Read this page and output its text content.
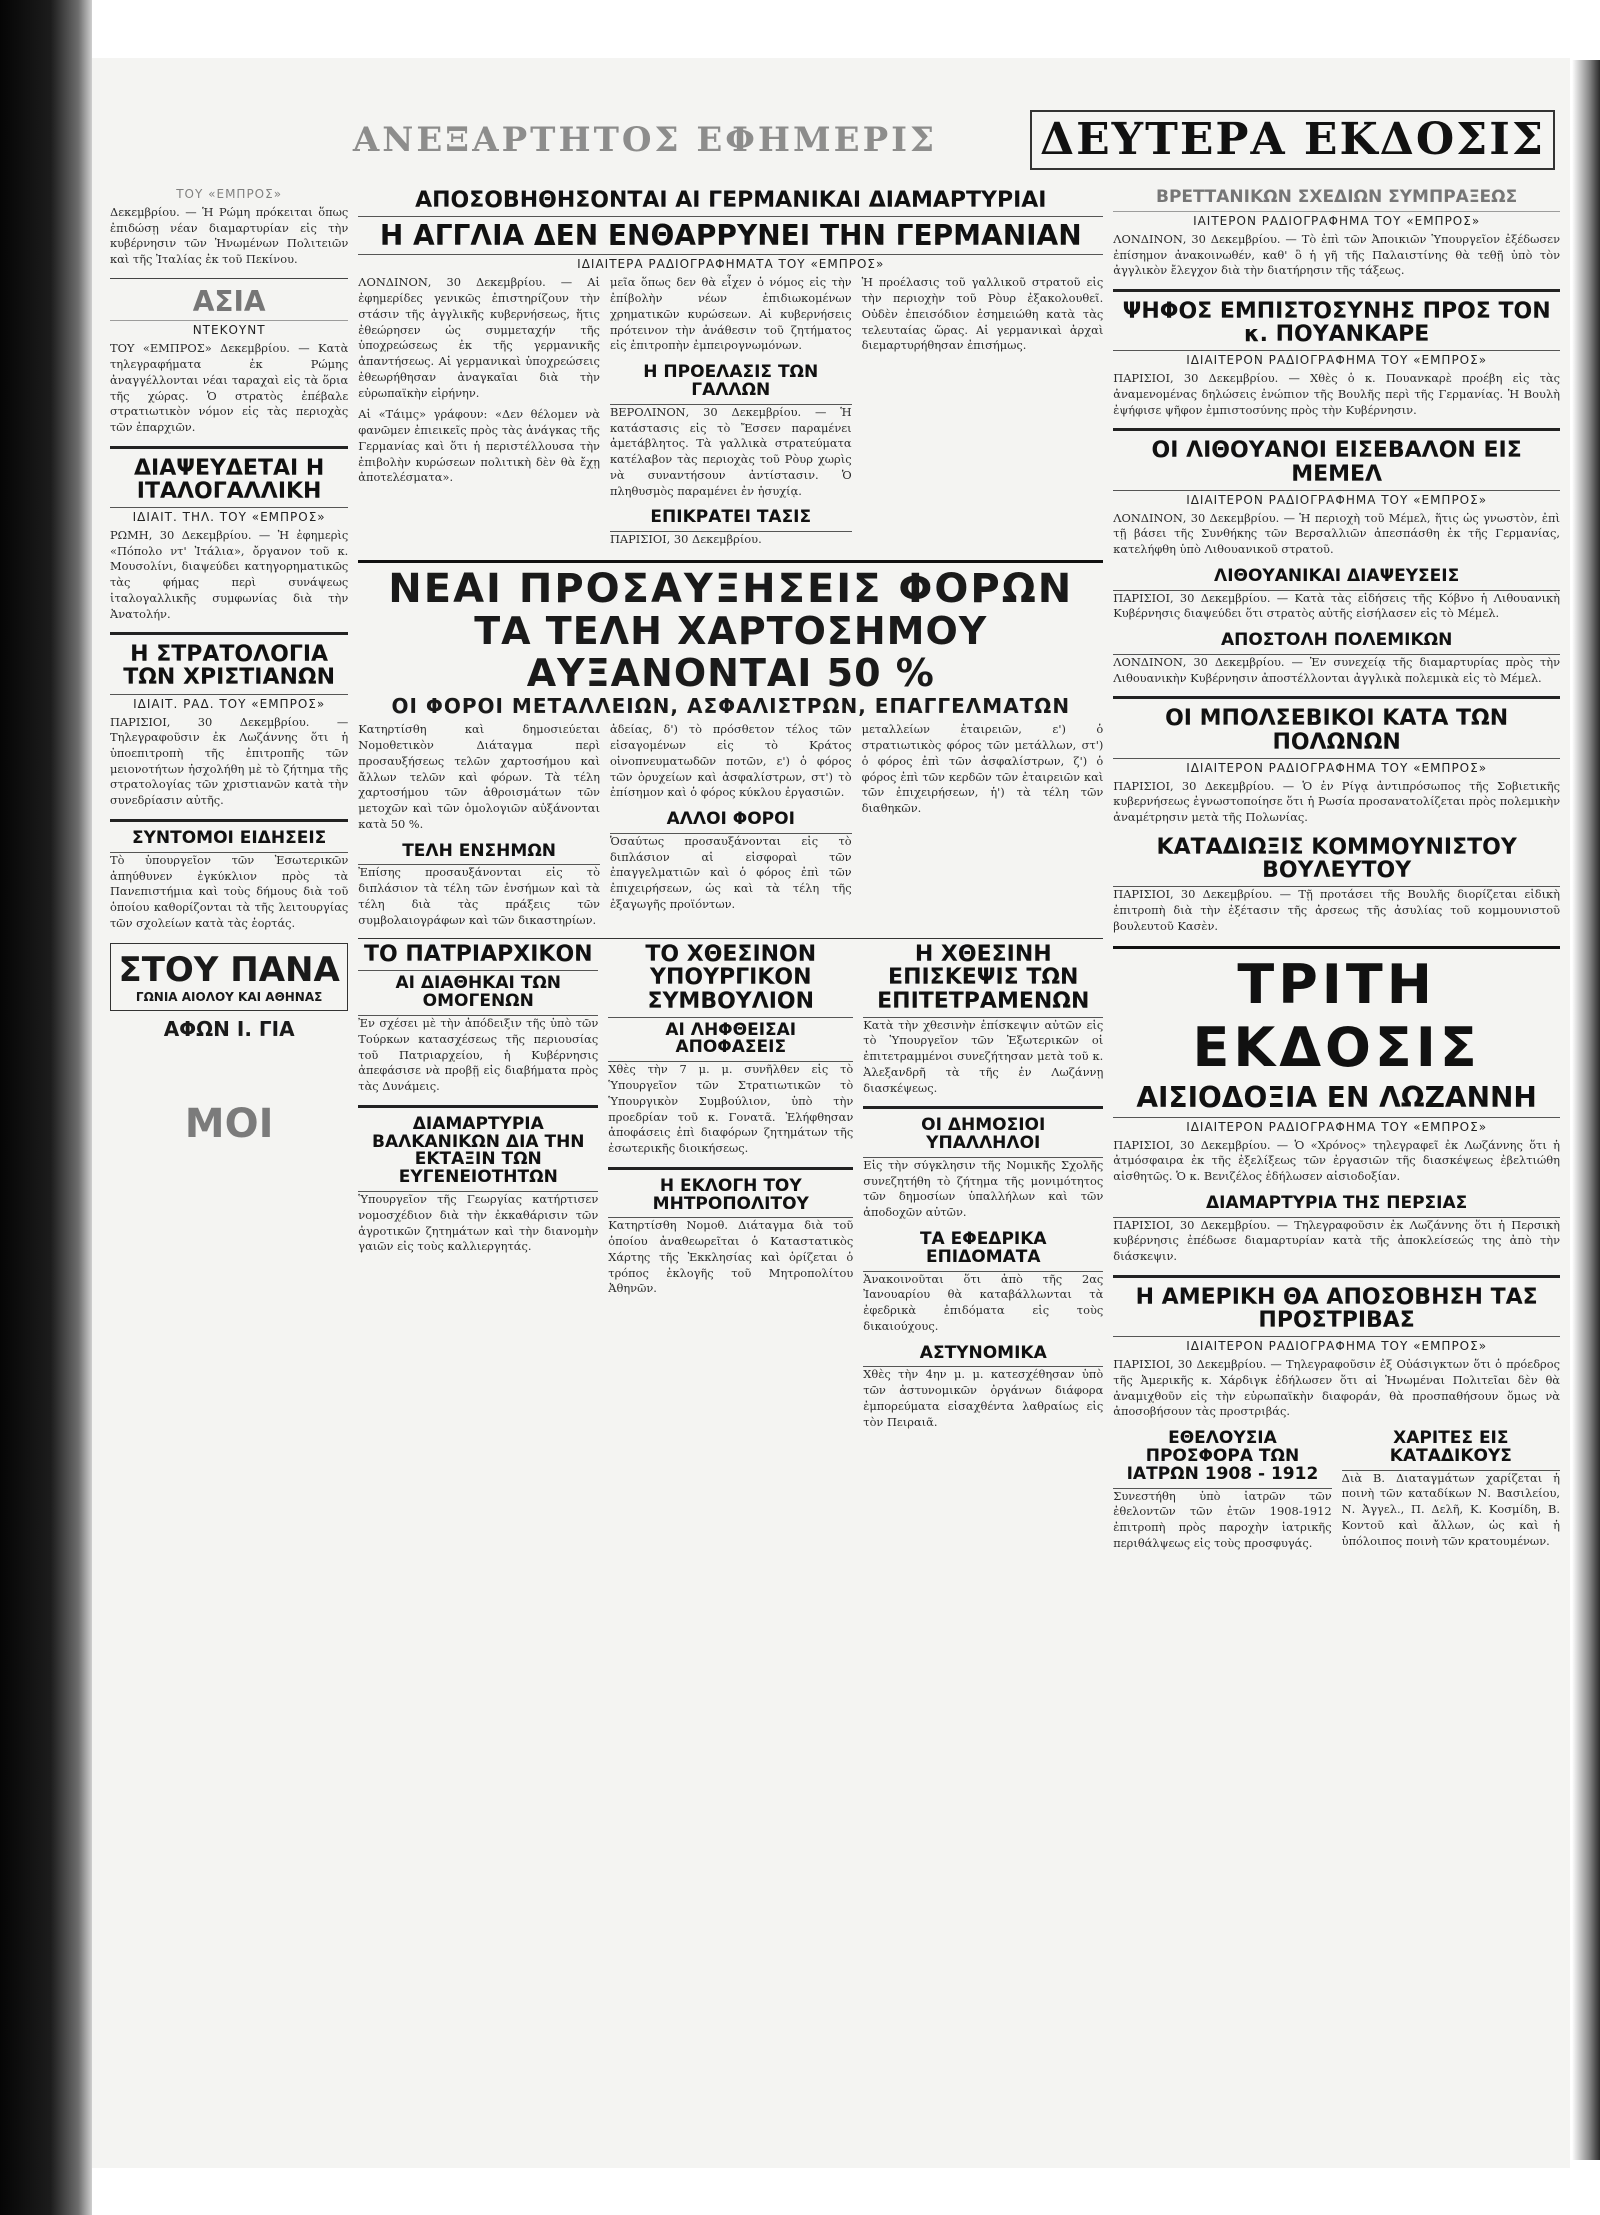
ΑΝΕΞΑΡΤΗΤΟΣ ΕΦΗΜΕΡΙΣ	ΔΕΥΤΕΡΑ ΕΚΔΟΣΙΣ
ΤΟΥ «ΕΜΠΡΟΣ»

Δεκεμβρίου. — Ἡ Ρώμη πρόκειται ὅπως ἐπιδώσῃ νέαν διαμαρτυρίαν εἰς τὴν κυβέρνησιν τῶν Ἡνωμένων Πολιτειῶν καὶ τῆς Ἰταλίας ἐκ τοῦ Πεκίνου.

ΑΣΙΑ
ΝΤΕΚΟΥΝΤ

ΤΟΥ «ΕΜΠΡΟΣ» Δεκεμβρίου. — Κατὰ τηλεγραφήματα ἐκ Ρώμης ἀναγγέλλονται νέαι ταραχαὶ εἰς τὰ ὅρια τῆς χώρας. Ὁ στρατὸς ἐπέβαλε στρατιωτικὸν νόμον εἰς τὰς περιοχὰς τῶν ἐπαρχιῶν.

ΔΙΑΨΕΥΔΕΤΑΙ Η ΙΤΑΛΟΓΑΛΛΙΚΗ
ΙΔΙΑΙΤ. ΤΗΛ. ΤΟΥ «ΕΜΠΡΟΣ»

ΡΩΜΗ, 30 Δεκεμβρίου. — Ἡ ἐφημερὶς «Πόπολο ντ' Ἰτάλια», ὄργανον τοῦ κ. Μουσολίνι, διαψεύδει κατηγορηματικῶς τὰς φήμας περὶ συνάψεως ἰταλογαλλικῆς συμφωνίας διὰ τὴν Ἀνατολήν.

Η ΣΤΡΑΤΟΛΟΓΙΑ ΤΩΝ ΧΡΙΣΤΙΑΝΩΝ
ΙΔΙΑΙΤ. ΡΑΔ. ΤΟΥ «ΕΜΠΡΟΣ»

ΠΑΡΙΣΙΟΙ, 30 Δεκεμβρίου. — Τηλεγραφοῦσιν ἐκ Λωζάννης ὅτι ἡ ὑποεπιτροπὴ τῆς ἐπιτροπῆς τῶν μειονοτήτων ἠσχολήθη μὲ τὸ ζήτημα τῆς στρατολογίας τῶν χριστιανῶν κατὰ τὴν συνεδρίασιν αὐτῆς.

ΣΥΝΤΟΜΟΙ ΕΙΔΗΣΕΙΣ

Τὸ ὑπουργεῖον τῶν Ἐσωτερικῶν ἀπηύθυνεν ἐγκύκλιον πρὸς τὰ Πανεπιστήμια καὶ τοὺς δήμους διὰ τοῦ ὁποίου καθορίζονται τὰ τῆς λειτουργίας τῶν σχολείων κατὰ τὰς ἑορτάς.

ΣΤΟΥ ΠΑΝΑ
ΓΩΝΙΑ ΑΙΟΛΟΥ ΚΑΙ ΑΘΗΝΑΣ
ΑΦΩΝ Ι. ΓΙΑ
ΜΟΙ
ΑΠΟΣΟΒΗΘΗΣΟΝΤΑΙ ΑΙ ΓΕΡΜΑΝΙΚΑΙ ΔΙΑΜΑΡΤΥΡΙΑΙ
Η ΑΓΓΛΙΑ ΔΕΝ ΕΝΘΑΡΡΥΝΕΙ ΤΗΝ ΓΕΡΜΑΝΙΑΝ
ΙΔΙΑΙΤΕΡΑ ΡΑΔΙΟΓΡΑΦΗΜΑΤΑ ΤΟΥ «ΕΜΠΡΟΣ»

ΛΟΝΔΙΝΟΝ, 30 Δεκεμβρίου. — Αἱ ἐφημερίδες γενικῶς ἐπιστηρίζουν τὴν στάσιν τῆς ἀγγλικῆς κυβερνήσεως, ἥτις ἐθεώρησεν ὡς συμμεταχήν τῆς ὑποχρεώσεως ἐκ τῆς γερμανικῆς ἀπαντήσεως. Αἱ γερμανικαὶ ὑποχρεώσεις ἐθεωρήθησαν ἀναγκαῖαι διὰ τὴν εὐρωπαϊκὴν εἰρήνην.

Αἱ «Τάιμς» γράφουν: «Δεν θέλομεν νὰ φανῶμεν ἐπιεικεῖς πρὸς τὰς ἀνάγκας τῆς Γερμανίας καὶ ὅτι ἡ περιστέλλουσα τὴν ἐπιβολὴν κυρώσεων πολιτικὴ δὲν θὰ ἔχῃ ἀποτελέσματα».

μεῖα ὅπως δεν θὰ εἶχεν ὁ νόμος εἰς τὴν ἐπίβολὴν νέων ἐπιδιωκομένων χρηματικῶν κυρώσεων. Αἱ κυβερνήσεις πρότεινον τὴν ἀνάθεσιν τοῦ ζητήματος εἰς ἐπιτροπὴν ἐμπειρογνωμόνων.

Η ΠΡΟΕΛΑΣΙΣ ΤΩΝ ΓΑΛΛΩΝ

ΒΕΡΟΛΙΝΟΝ, 30 Δεκεμβρίου. — Ἡ κατάστασις εἰς τὸ Ἔσσεν παραμένει ἀμετάβλητος. Τὰ γαλλικὰ στρατεύματα κατέλαβον τὰς περιοχὰς τοῦ Ρὸυρ χωρὶς νὰ συναντήσουν ἀντίστασιν. Ὁ πληθυσμὸς παραμένει ἐν ἡσυχίᾳ.

ΕΠΙΚΡΑΤΕΙ ΤΑΣΙΣ

ΠΑΡΙΣΙΟΙ, 30 Δεκεμβρίου.

Ἡ προέλασις τοῦ γαλλικοῦ στρατοῦ εἰς τὴν περιοχὴν τοῦ Ρὸυρ ἐξακολουθεῖ. Οὐδὲν ἐπεισόδιον ἐσημειώθη κατὰ τὰς τελευταίας ὥρας. Αἱ γερμανικαὶ ἀρχαὶ διεμαρτυρήθησαν ἐπισήμως.

ΝΕΑΙ ΠΡΟΣΑΥΞΗΣΕΙΣ ΦΟΡΩΝ
ΤΑ ΤΕΛΗ ΧΑΡΤΟΣΗΜΟΥ ΑΥΞΑΝΟΝΤΑΙ 50 %
ΟΙ ΦΟΡΟΙ ΜΕΤΑΛΛΕΙΩΝ, ΑΣΦΑΛΙΣΤΡΩΝ, ΕΠΑΓΓΕΛΜΑΤΩΝ

Κατηρτίσθη καὶ δημοσιεύεται Νομοθετικὸν Διάταγμα περὶ προσαυξήσεως τελῶν χαρτοσήμου καὶ ἄλλων τελῶν καὶ φόρων. Τὰ τέλη χαρτοσήμου τῶν ἀθροισμάτων τῶν μετοχῶν καὶ τῶν ὁμολογιῶν αὐξάνονται κατὰ 50 %.

ΤΕΛΗ ΕΝΣΗΜΩΝ

Ἐπίσης προσαυξάνονται εἰς τὸ διπλάσιον τὰ τέλη τῶν ἐνσήμων καὶ τὰ τέλη διὰ τὰς πράξεις τῶν συμβολαιογράφων καὶ τῶν δικαστηρίων.

ἀδείας, δ') τὸ πρόσθετον τέλος τῶν εἰσαγομένων εἰς τὸ Κράτος οἰνοπνευματωδῶν ποτῶν, ε') ὁ φόρος τῶν ὀρυχείων καὶ ἀσφαλίστρων, στ') τὸ ἐπίσημον καὶ ὁ φόρος κύκλου ἐργασιῶν.

ΑΛΛΟΙ ΦΟΡΟΙ

Ὁσαύτως προσαυξάνονται εἰς τὸ διπλάσιον αἱ εἰσφοραὶ τῶν ἐπαγγελματιῶν καὶ ὁ φόρος ἐπὶ τῶν ἐπιχειρήσεων, ὡς καὶ τὰ τέλη τῆς ἐξαγωγῆς προϊόντων.

μεταλλείων ἐταιρειῶν, ε') ὁ στρατιωτικὸς φόρος τῶν μετάλλων, στ') ὁ φόρος ἐπὶ τῶν ἀσφαλίστρων, ζ') ὁ φόρος ἐπὶ τῶν κερδῶν τῶν ἐταιρειῶν καὶ τῶν ἐπιχειρήσεων, ἡ') τὰ τέλη τῶν διαθηκῶν.

ΤΟ ΠΑΤΡΙΑΡΧΙΚΟΝ
ΑΙ ΔΙΑΘΗΚΑΙ ΤΩΝ ΟΜΟΓΕΝΩΝ

Ἐν σχέσει μὲ τὴν ἀπόδειξιν τῆς ὑπὸ τῶν Τούρκων κατασχέσεως τῆς περιουσίας τοῦ Πατριαρχείου, ἡ Κυβέρνησις ἀπεφάσισε νὰ προβῇ εἰς διαβήματα πρὸς τὰς Δυνάμεις.

ΔΙΑΜΑΡΤΥΡΙΑ ΒΑΛΚΑΝΙΚΩΝ ΔΙΑ ΤΗΝ ΕΚΤΑΞΙΝ ΤΩΝ ΕΥΓΕΝΕΙΟΤΗΤΩΝ

Ὑπουργεῖον τῆς Γεωργίας κατήρτισεν νομοσχέδιον διὰ τὴν ἐκκαθάρισιν τῶν ἀγροτικῶν ζητημάτων καὶ τὴν διανομὴν γαιῶν εἰς τοὺς καλλιεργητάς.

ΤΟ ΧΘΕΣΙΝΟΝ ΥΠΟΥΡΓΙΚΟΝ ΣΥΜΒΟΥΛΙΟΝ
ΑΙ ΛΗΦΘΕΙΣΑΙ ΑΠΟΦΑΣΕΙΣ

Χθὲς τὴν 7 μ. μ. συνῆλθεν εἰς τὸ Ὑπουργεῖον τῶν Στρατιωτικῶν τὸ Ὑπουργικὸν Συμβούλιον, ὑπὸ τὴν προεδρίαν τοῦ κ. Γονατᾶ. Ἐλήφθησαν ἀποφάσεις ἐπὶ διαφόρων ζητημάτων τῆς ἐσωτερικῆς διοικήσεως.

Η ΕΚΛΟΓΗ ΤΟΥ ΜΗΤΡΟΠΟΛΙΤΟΥ

Κατηρτίσθη Νομοθ. Διάταγμα διὰ τοῦ ὁποίου ἀναθεωρεῖται ὁ Καταστατικὸς Χάρτης τῆς Ἐκκλησίας καὶ ὁρίζεται ὁ τρόπος ἐκλογῆς τοῦ Μητροπολίτου Ἀθηνῶν.

Η ΧΘΕΣΙΝΗ ΕΠΙΣΚΕΨΙΣ ΤΩΝ ΕΠΙΤΕΤΡΑΜΕΝΩΝ

Κατὰ τὴν χθεσινὴν ἐπίσκεψιν αὐτῶν εἰς τὸ Ὑπουργεῖον τῶν Ἐξωτερικῶν οἱ ἐπιτετραμμένοι συνεζήτησαν μετὰ τοῦ κ. Ἀλεξανδρῆ τὰ τῆς ἐν Λωζάννῃ διασκέψεως.

ΟΙ ΔΗΜΟΣΙΟΙ ΥΠΑΛΛΗΛΟΙ

Εἰς τὴν σύγκλησιν τῆς Νομικῆς Σχολῆς συνεζητήθη τὸ ζήτημα τῆς μονιμότητος τῶν δημοσίων ὑπαλλήλων καὶ τῶν ἀποδοχῶν αὐτῶν.

ΤΑ ΕΦΕΔΡΙΚΑ ΕΠΙΔΟΜΑΤΑ

Ἀνακοινοῦται ὅτι ἀπὸ τῆς 2ας Ἰανουαρίου θὰ καταβάλλωνται τὰ ἐφεδρικὰ ἐπιδόματα εἰς τοὺς δικαιούχους.

ΑΣΤΥΝΟΜΙΚΑ

Χθὲς τὴν 4ην μ. μ. κατεσχέθησαν ὑπὸ τῶν ἀστυνομικῶν ὀργάνων διάφορα ἐμπορεύματα εἰσαχθέντα λαθραίως εἰς τὸν Πειραιᾶ.

ΒΡΕΤΤΑΝΙΚΩΝ ΣΧΕΔΙΩΝ ΣΥΜΠΡΑΞΕΩΣ
ΙΑΙΤΕΡΟΝ ΡΑΔΙΟΓΡΑΦΗΜΑ ΤΟΥ «ΕΜΠΡΟΣ»

ΛΟΝΔΙΝΟΝ, 30 Δεκεμβρίου. — Τὸ ἐπὶ τῶν Ἀποικιῶν Ὑπουργεῖον ἐξέδωσεν ἐπίσημον ἀνακοινωθέν, καθ' ὃ ἡ γῆ τῆς Παλαιστίνης θὰ τεθῇ ὑπὸ τὸν ἀγγλικὸν ἔλεγχον διὰ τὴν διατήρησιν τῆς τάξεως.

ΨΗΦΟΣ ΕΜΠΙΣΤΟΣΥΝΗΣ ΠΡΟΣ ΤΟΝ κ. ΠΟΥΑΝΚΑΡΕ
ΙΔΙΑΙΤΕΡΟΝ ΡΑΔΙΟΓΡΑΦΗΜΑ ΤΟΥ «ΕΜΠΡΟΣ»

ΠΑΡΙΣΙΟΙ, 30 Δεκεμβρίου. — Χθὲς ὁ κ. Πουανκαρὲ προέβη εἰς τὰς ἀναμενομένας δηλώσεις ἐνώπιον τῆς Βουλῆς περὶ τῆς Γερμανίας. Ἡ Βουλὴ ἐψήφισε ψῆφον ἐμπιστοσύνης πρὸς τὴν Κυβέρνησιν.

ΟΙ ΛΙΘΟΥΑΝΟΙ ΕΙΣΕΒΑΛΟΝ ΕΙΣ ΜΕΜΕΛ
ΙΔΙΑΙΤΕΡΟΝ ΡΑΔΙΟΓΡΑΦΗΜΑ ΤΟΥ «ΕΜΠΡΟΣ»

ΛΟΝΔΙΝΟΝ, 30 Δεκεμβρίου. — Ἡ περιοχὴ τοῦ Μέμελ, ἥτις ὡς γνωστὸν, ἐπὶ τῇ βάσει τῆς Συνθήκης τῶν Βερσαλλιῶν ἀπεσπάσθη ἐκ τῆς Γερμανίας, κατελήφθη ὑπὸ Λιθουανικοῦ στρατοῦ.

ΛΙΘΟΥΑΝΙΚΑΙ ΔΙΑΨΕΥΣΕΙΣ

ΠΑΡΙΣΙΟΙ, 30 Δεκεμβρίου. — Κατὰ τὰς εἰδήσεις τῆς Κόβνο ἡ Λιθουανικὴ Κυβέρνησις διαψεύδει ὅτι στρατὸς αὐτῆς εἰσήλασεν εἰς τὸ Μέμελ.

ΑΠΟΣΤΟΛΗ ΠΟΛΕΜΙΚΩΝ

ΛΟΝΔΙΝΟΝ, 30 Δεκεμβρίου. — Ἐν συνεχείᾳ τῆς διαμαρτυρίας πρὸς τὴν Λιθουανικὴν Κυβέρνησιν ἀποστέλλονται ἀγγλικὰ πολεμικὰ εἰς τὸ Μέμελ.

ΟΙ ΜΠΟΛΣΕΒΙΚΟΙ ΚΑΤΑ ΤΩΝ ΠΟΛΩΝΩΝ
ΙΔΙΑΙΤΕΡΟΝ ΡΑΔΙΟΓΡΑΦΗΜΑ ΤΟΥ «ΕΜΠΡΟΣ»

ΠΑΡΙΣΙΟΙ, 30 Δεκεμβρίου. — Ὁ ἐν Ρίγᾳ ἀντιπρόσωπος τῆς Σοβιετικῆς κυβερνήσεως ἐγνωστοποίησε ὅτι ἡ Ρωσία προσανατολίζεται πρὸς πολεμικὴν ἀναμέτρησιν μετὰ τῆς Πολωνίας.

ΚΑΤΑΔΙΩΞΙΣ ΚΟΜΜΟΥΝΙΣΤΟΥ ΒΟΥΛΕΥΤΟΥ

ΠΑΡΙΣΙΟΙ, 30 Δεκεμβρίου. — Τῇ προτάσει τῆς Βουλῆς διορίζεται εἰδικὴ ἐπιτροπὴ διὰ τὴν ἐξέτασιν τῆς ἀρσεως τῆς ἀσυλίας τοῦ κομμουνιστοῦ βουλευτοῦ Κασὲν.

ΤΡΙΤΗ ΕΚΔΟΣΙΣ
ΑΙΣΙΟΔΟΞΙΑ ΕΝ ΛΩΖΑΝΝΗ
ΙΔΙΑΙΤΕΡΟΝ ΡΑΔΙΟΓΡΑΦΗΜΑ ΤΟΥ «ΕΜΠΡΟΣ»

ΠΑΡΙΣΙΟΙ, 30 Δεκεμβρίου. — Ὁ «Χρόνος» τηλεγραφεῖ ἐκ Λωζάννης ὅτι ἡ ἀτμόσφαιρα ἐκ τῆς ἐξελίξεως τῶν ἐργασιῶν τῆς διασκέψεως ἐβελτιώθη αἰσθητῶς. Ὁ κ. Βενιζέλος ἐδήλωσεν αἰσιοδοξίαν.

ΔΙΑΜΑΡΤΥΡΙΑ ΤΗΣ ΠΕΡΣΙΑΣ

ΠΑΡΙΣΙΟΙ, 30 Δεκεμβρίου. — Τηλεγραφοῦσιν ἐκ Λωζάννης ὅτι ἡ Περσικὴ κυβέρνησις ἐπέδωσε διαμαρτυρίαν κατὰ τῆς ἀποκλείσεώς της ἀπὸ τὴν διάσκεψιν.

Η ΑΜΕΡΙΚΗ ΘΑ ΑΠΟΣΟΒΗΣΗ ΤΑΣ ΠΡΟΣΤΡΙΒΑΣ
ΙΔΙΑΙΤΕΡΟΝ ΡΑΔΙΟΓΡΑΦΗΜΑ ΤΟΥ «ΕΜΠΡΟΣ»

ΠΑΡΙΣΙΟΙ, 30 Δεκεμβρίου. — Τηλεγραφοῦσιν ἐξ Οὐάσιγκτων ὅτι ὁ πρόεδρος τῆς Ἀμερικῆς κ. Χάρδιγκ ἐδήλωσεν ὅτι αἱ Ἡνωμέναι Πολιτεῖαι δὲν θὰ ἀναμιχθοῦν εἰς τὴν εὐρωπαϊκὴν διαφοράν, θὰ προσπαθήσουν ὅμως νὰ ἀποσοβήσουν τὰς προστριβάς.

ΕΘΕΛΟΥΣΙΑ ΠΡΟΣΦΟΡΑ ΤΩΝ ΙΑΤΡΩΝ 1908 - 1912

Συνεστήθη ὑπὸ ἰατρῶν τῶν ἐθελοντῶν τῶν ἐτῶν 1908-1912 ἐπιτροπὴ πρὸς παροχὴν ἰατρικῆς περιθάλψεως εἰς τοὺς προσφυγάς.

ΧΑΡΙΤΕΣ ΕΙΣ ΚΑΤΑΔΙΚΟΥΣ

Διὰ Β. Διαταγμάτων χαρίζεται ἡ ποινὴ τῶν καταδίκων Ν. Βασιλείου, Ν. Ἀγγελ., Π. Δελῆ, Κ. Κοσμίδη, Β. Κοντοῦ καὶ ἄλλων, ὡς καὶ ἡ ὑπόλοιπος ποινὴ τῶν κρατουμένων.
